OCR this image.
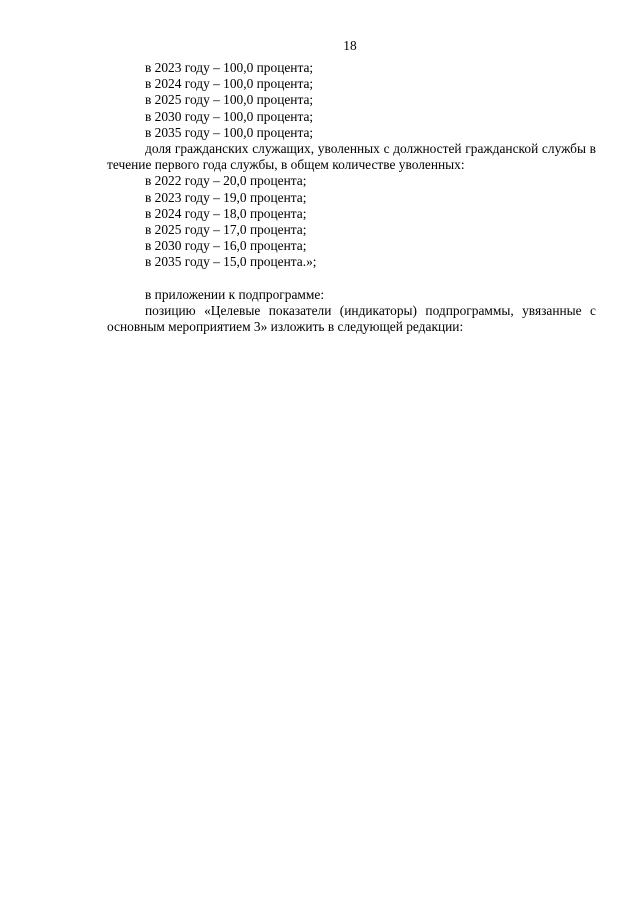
18
в 2023 году – 100,0 процента;
в 2024 году – 100,0 процента;
в 2025 году – 100,0 процента;
в 2030 году – 100,0 процента;
в 2035 году – 100,0 процента;
доля гражданских служащих, уволенных с должностей гражданской службы в течение первого года службы, в общем количестве уволенных:
в 2022 году – 20,0 процента;
в 2023 году – 19,0 процента;
в 2024 году – 18,0 процента;
в 2025 году – 17,0 процента;
в 2030 году – 16,0 процента;
в 2035 году – 15,0 процента.»;
в приложении к подпрограмме:
позицию «Целевые показатели (индикаторы) подпрограммы, увязанные с основным мероприятием 3» изложить в следующей редакции:
